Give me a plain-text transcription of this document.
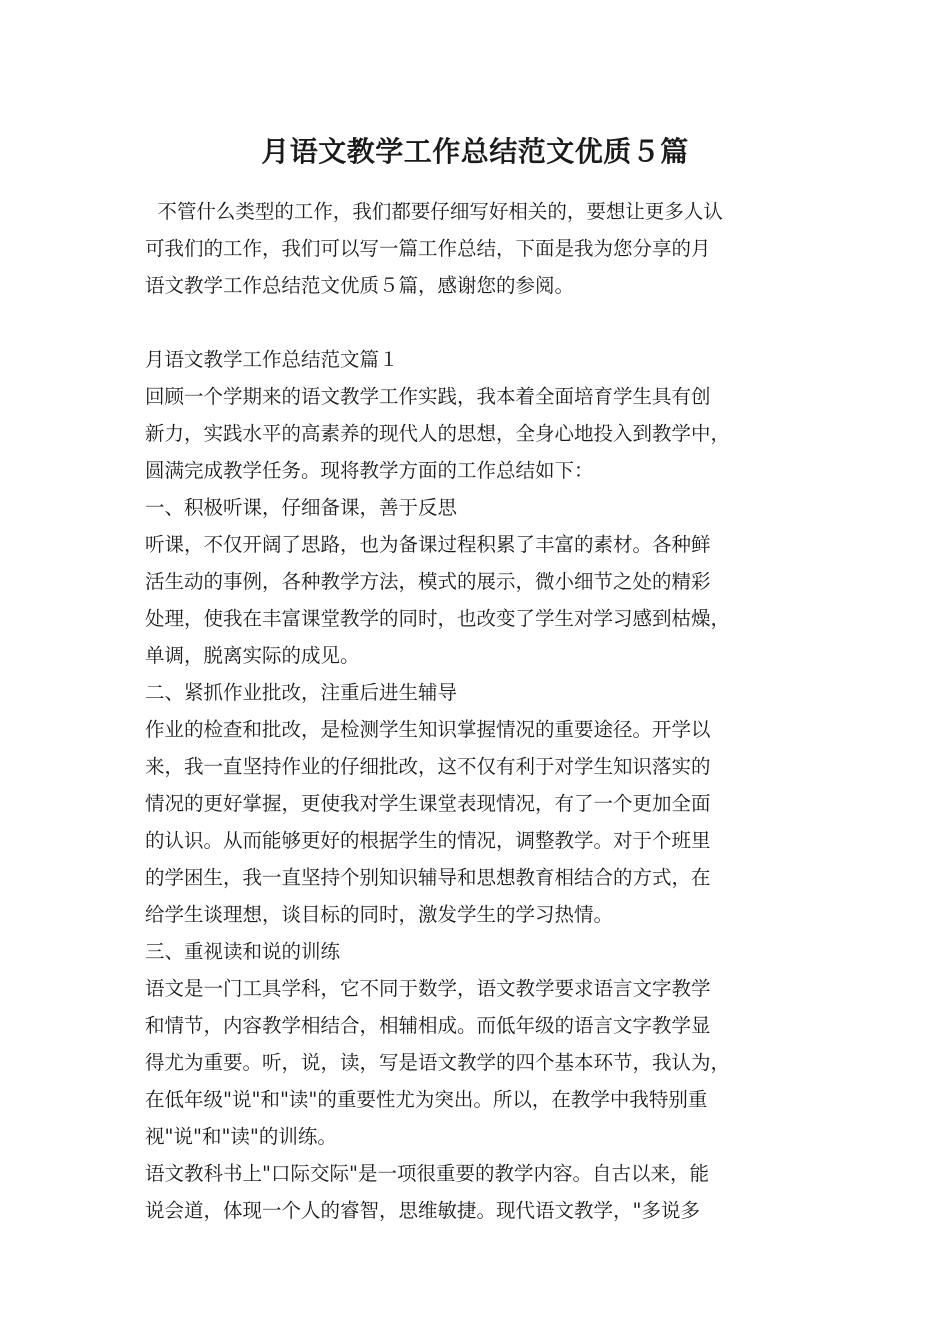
月语文教学工作总结范文优质５篇
不管什么类型的工作，我们都要仔细写好相关的，要想让更多人认
可我们的工作，我们可以写一篇工作总结，下面是我为您分享的月
语文教学工作总结范文优质５篇，感谢您的参阅。
月语文教学工作总结范文篇１
回顾一个学期来的语文教学工作实践，我本着全面培育学生具有创
新力，实践水平的高素养的现代人的思想，全身心地投入到教学中，
圆满完成教学任务。现将教学方面的工作总结如下：
一、积极听课，仔细备课，善于反思
听课，不仅开阔了思路，也为备课过程积累了丰富的素材。各种鲜
活生动的事例，各种教学方法，模式的展示，微小细节之处的精彩
处理，使我在丰富课堂教学的同时，也改变了学生对学习感到枯燥，
单调，脱离实际的成见。
二、紧抓作业批改，注重后进生辅导
作业的检查和批改，是检测学生知识掌握情况的重要途径。开学以
来，我一直坚持作业的仔细批改，这不仅有利于对学生知识落实的
情况的更好掌握，更使我对学生课堂表现情况，有了一个更加全面
的认识。从而能够更好的根据学生的情况，调整教学。对于个班里
的学困生，我一直坚持个别知识辅导和思想教育相结合的方式，在
给学生谈理想，谈目标的同时，激发学生的学习热情。
三、重视读和说的训练
语文是一门工具学科，它不同于数学，语文教学要求语言文字教学
和情节，内容教学相结合，相辅相成。而低年级的语言文字教学显
得尤为重要。听，说，读，写是语文教学的四个基本环节，我认为，
在低年级"说"和"读"的重要性尤为突出。所以，在教学中我特别重
视"说"和"读"的训练。
语文教科书上"口际交际"是一项很重要的教学内容。自古以来，能
说会道，体现一个人的睿智，思维敏捷。现代语文教学，"多说多
